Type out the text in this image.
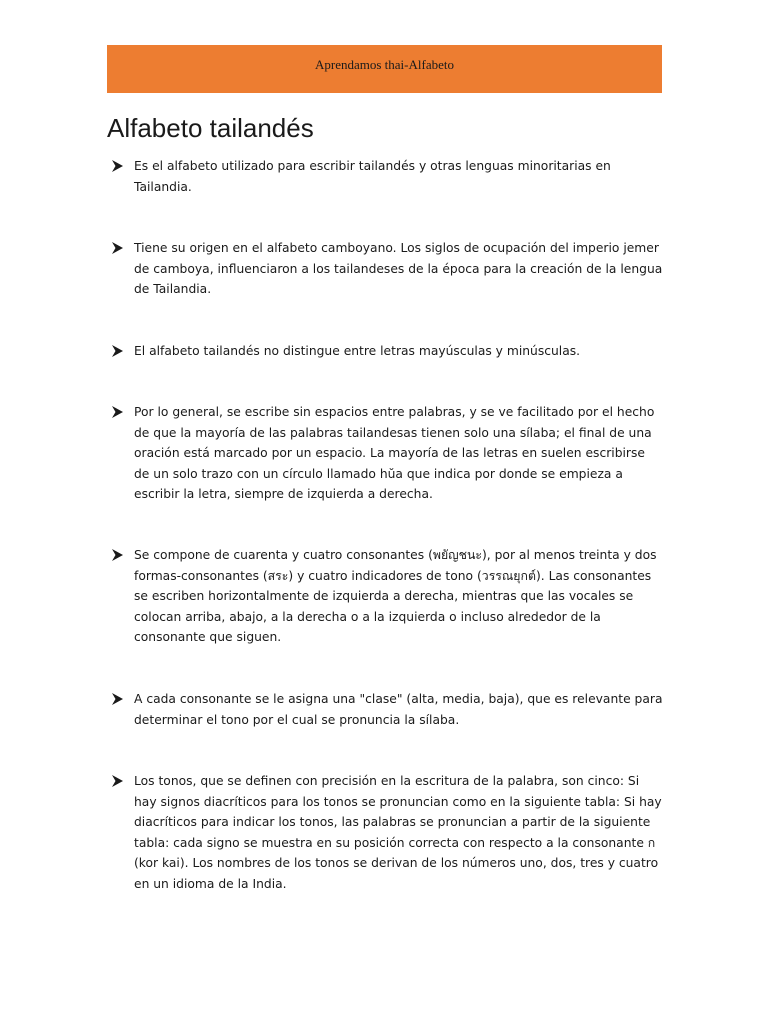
Aprendamos thai-Alfabeto
Alfabeto tailandés

Es el alfabeto utilizado para escribir tailandés y otras lenguas minoritarias en Tailandia.

Tiene su origen en el alfabeto camboyano. Los siglos de ocupación del imperio jemer de camboya, influenciaron a los tailandeses de la época para la creación de la lengua de Tailandia.

El alfabeto tailandés no distingue entre letras mayúsculas y minúsculas.

Por lo general, se escribe sin espacios entre palabras, y se ve facilitado por el hecho de que la mayoría de las palabras tailandesas tienen solo una sílaba; el final de una oración está marcado por un espacio. La mayoría de las letras en suelen escribirse de un solo trazo con un círculo llamado hŭa que indica por donde se empieza a escribir la letra, siempre de izquierda a derecha.

Se compone de cuarenta y cuatro consonantes (พยัญชนะ), por al menos treinta y dos formas-consonantes (สระ) y cuatro indicadores de tono (วรรณยุกต์). Las consonantes se escriben horizontalmente de izquierda a derecha, mientras que las vocales se colocan arriba, abajo, a la derecha o a la izquierda o incluso alrededor de la consonante que siguen.

A cada consonante se le asigna una "clase" (alta, media, baja), que es relevante para determinar el tono por el cual se pronuncia la sílaba.

Los tonos, que se definen con precisión en la escritura de la palabra, son cinco: Si hay signos diacríticos para los tonos se pronuncian como en la siguiente tabla: Si hay diacríticos para indicar los tonos, las palabras se pronuncian a partir de la siguiente tabla: cada signo se muestra en su posición correcta con respecto a la consonante ก (kor kai). Los nombres de los tonos se derivan de los números uno, dos, tres y cuatro en un idioma de la India.
